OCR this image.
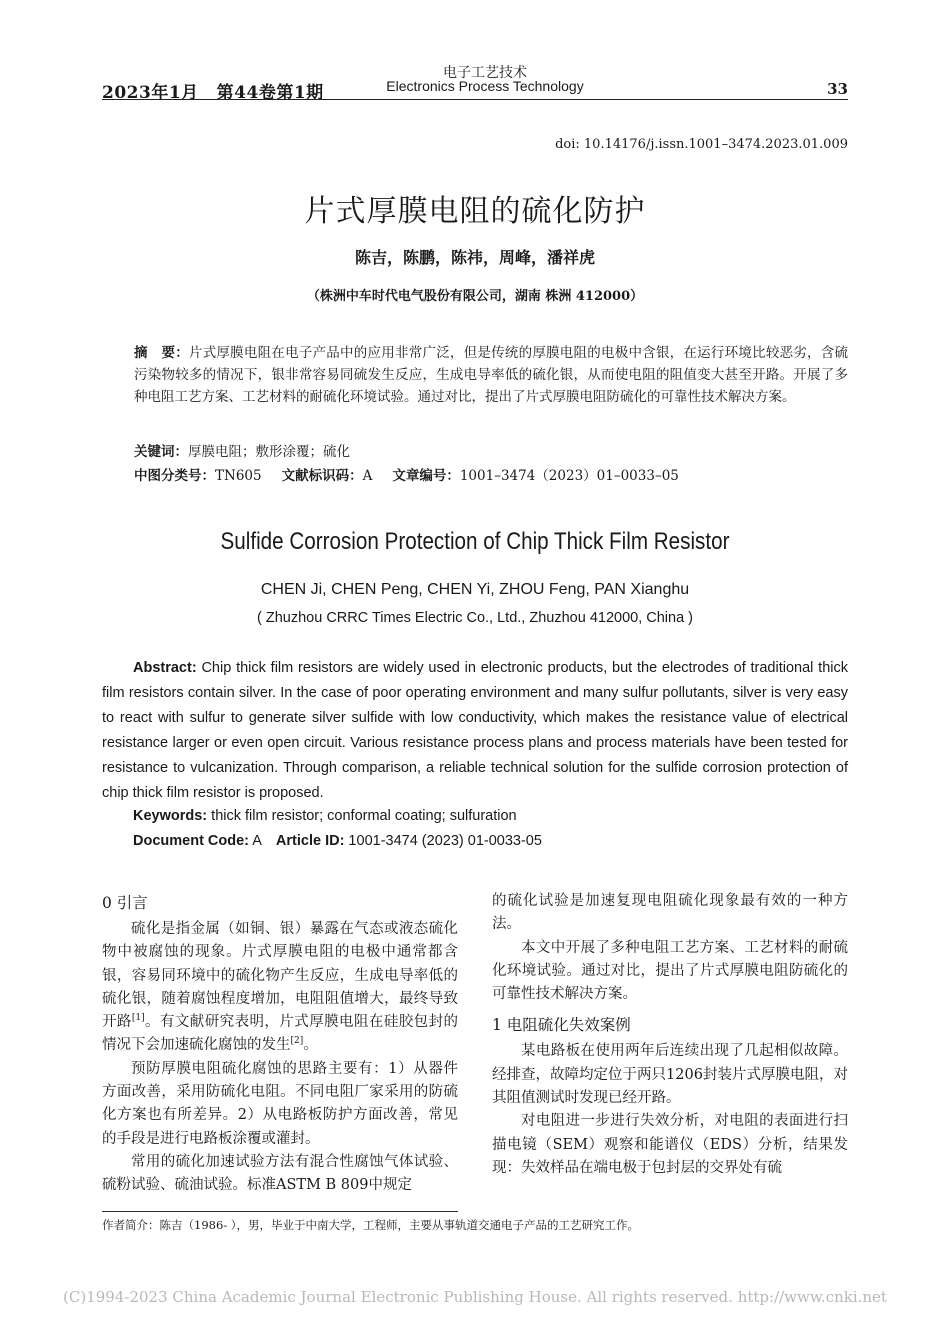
2023年1月 第44卷第1期
电子工艺技术
Electronics Process Technology	33
doi: 10.14176/j.issn.1001–3474.2023.01.009
片式厚膜电阻的硫化防护
陈吉，陈鹏，陈祎，周峰，潘祥虎
（株洲中车时代电气股份有限公司，湖南 株洲 412000）
摘　要：片式厚膜电阻在电子产品中的应用非常广泛，但是传统的厚膜电阻的电极中含银，在运行环境比较恶劣，含硫污染物较多的情况下，银非常容易同硫发生反应，生成电导率低的硫化银，从而使电阻的阻值变大甚至开路。开展了多种电阻工艺方案、工艺材料的耐硫化环境试验。通过对比，提出了片式厚膜电阻防硫化的可靠性技术解决方案。
关键词：厚膜电阻；敷形涂覆；硫化
中图分类号：TN605 文献标识码：A 文章编号：1001–3474（2023）01–0033–05
Sulfide Corrosion Protection of Chip Thick Film Resistor
CHEN Ji, CHEN Peng, CHEN Yi, ZHOU Feng, PAN Xianghu
( Zhuzhou CRRC Times Electric Co., Ltd., Zhuzhou 412000, China )
Abstract: Chip thick film resistors are widely used in electronic products, but the electrodes of traditional thick film resistors contain silver. In the case of poor operating environment and many sulfur pollutants, silver is very easy to react with sulfur to generate silver sulfide with low conductivity, which makes the resistance value of electrical resistance larger or even open circuit. Various resistance process plans and process materials have been tested for resistance to vulcanization. Through comparison, a reliable technical solution for the sulfide corrosion protection of chip thick film resistor is proposed.
Keywords: thick film resistor; conformal coating; sulfuration
Document Code: A Article ID: 1001-3474 (2023) 01-0033-05
0 引言

硫化是指金属（如铜、银）暴露在气态或液态硫化物中被腐蚀的现象。片式厚膜电阻的电极中通常都含银，容易同环境中的硫化物产生反应，生成电导率低的硫化银，随着腐蚀程度增加，电阻阻值增大，最终导致开路[1]。有文献研究表明，片式厚膜电阻在硅胶包封的情况下会加速硫化腐蚀的发生[2]。

预防厚膜电阻硫化腐蚀的思路主要有：1）从器件方面改善，采用防硫化电阻。不同电阻厂家采用的防硫化方案也有所差异。2）从电路板防护方面改善，常见的手段是进行电路板涂覆或灌封。

常用的硫化加速试验方法有混合性腐蚀气体试验、硫粉试验、硫油试验。标准ASTM B 809中规定

的硫化试验是加速复现电阻硫化现象最有效的一种方法。

本文中开展了多种电阻工艺方案、工艺材料的耐硫化环境试验。通过对比，提出了片式厚膜电阻防硫化的可靠性技术解决方案。

1 电阻硫化失效案例

某电路板在使用两年后连续出现了几起相似故障。经排查，故障均定位于两只1206封装片式厚膜电阻，对其阻值测试时发现已经开路。

对电阻进一步进行失效分析，对电阻的表面进行扫描电镜（SEM）观察和能谱仪（EDS）分析，结果发现：失效样品在端电极于包封层的交界处有硫

作者简介：陈吉（1986- ），男，毕业于中南大学，工程师，主要从事轨道交通电子产品的工艺研究工作。
(C)1994-2023 China Academic Journal Electronic Publishing House. All rights reserved. http://www.cnki.net
